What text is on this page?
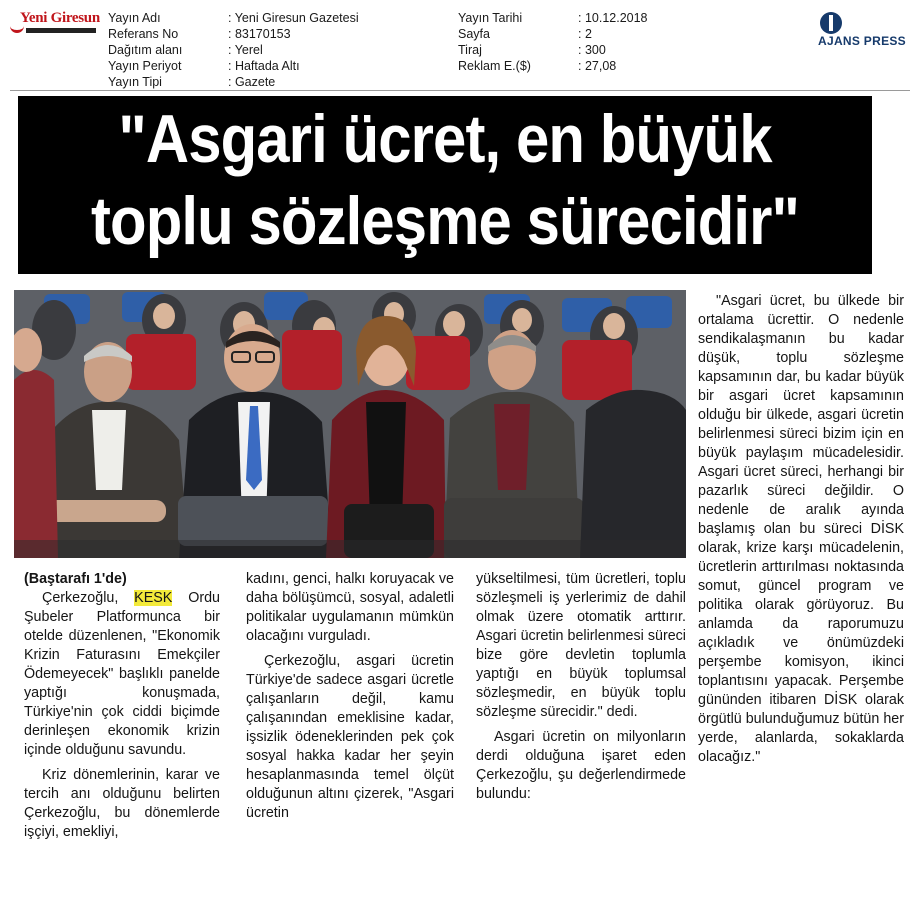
Yeni Giresun Yayın Adı	: Yeni Giresun Gazetesi
Referans No	: 83170153
Dağıtım alanı	: Yerel
Yayın Periyot	: Haftada Altı
Yayın Tipi	: Gazete
Yayın Tarihi	: 10.12.2018
Sayfa	: 2
Tiraj	: 300
Reklam E.($)	: 27,08
AJANS PRESS
"Asgari ücret, en büyük
toplu sözleşme sürecidir"

(Baştarafı 1'de)

Çerkezoğlu, KESK Ordu Şubeler Platformunca bir otelde düzenlenen, "Ekonomik Krizin Faturasını Emekçiler Ödemeyecek" başlıklı panelde yaptığı konuşmada, Türkiye'nin çok ciddi biçimde derinleşen ekonomik krizin içinde olduğunu savundu.

Kriz dönemlerinin, karar ve tercih anı olduğunu belirten Çerkezoğlu, bu dönemlerde işçiyi, emekliyi,

kadını, genci, halkı koruyacak ve daha bölüşümcü, sosyal, adaletli politikalar uygulamanın mümkün olacağını vurguladı.

Çerkezoğlu, asgari ücretin Türkiye'de sadece asgari ücretle çalışanların değil, kamu çalışanından emeklisine kadar, işsizlik ödeneklerinden pek çok sosyal hakka kadar her şeyin hesaplanmasında temel ölçüt olduğunun altını çizerek, "Asgari ücretin

yükseltilmesi, tüm ücretleri, toplu sözleşmeli iş yerlerimiz de dahil olmak üzere otomatik arttırır. Asgari ücretin belirlenmesi süreci bize göre devletin toplumla yaptığı en büyük toplumsal sözleşmedir, en büyük toplu sözleşme sürecidir." dedi.

Asgari ücretin on milyonların derdi olduğuna işaret eden Çerkezoğlu, şu değerlendirmede bulundu:

"Asgari ücret, bu ülkede bir ortalama ücrettir. O nedenle sendikalaşmanın bu kadar düşük, toplu sözleşme kapsamının dar, bu kadar büyük bir asgari ücret kapsamının olduğu bir ülkede, asgari ücretin belirlenmesi süreci bizim için en büyük paylaşım mücadelesidir. Asgari ücret süreci, herhangi bir pazarlık süreci değildir. O nedenle de aralık ayında başlamış olan bu süreci DİSK olarak, krize karşı mücadelenin, ücretlerin arttırılması noktasında somut, güncel program ve politika olarak görüyoruz. Bu anlamda da raporumuzu açıkladık ve önümüzdeki perşembe komisyon, ikinci toplantısını yapacak. Perşembe gününden itibaren DİSK olarak örgütlü bulunduğumuz bütün her yerde, alanlarda, sokaklarda olacağız."
